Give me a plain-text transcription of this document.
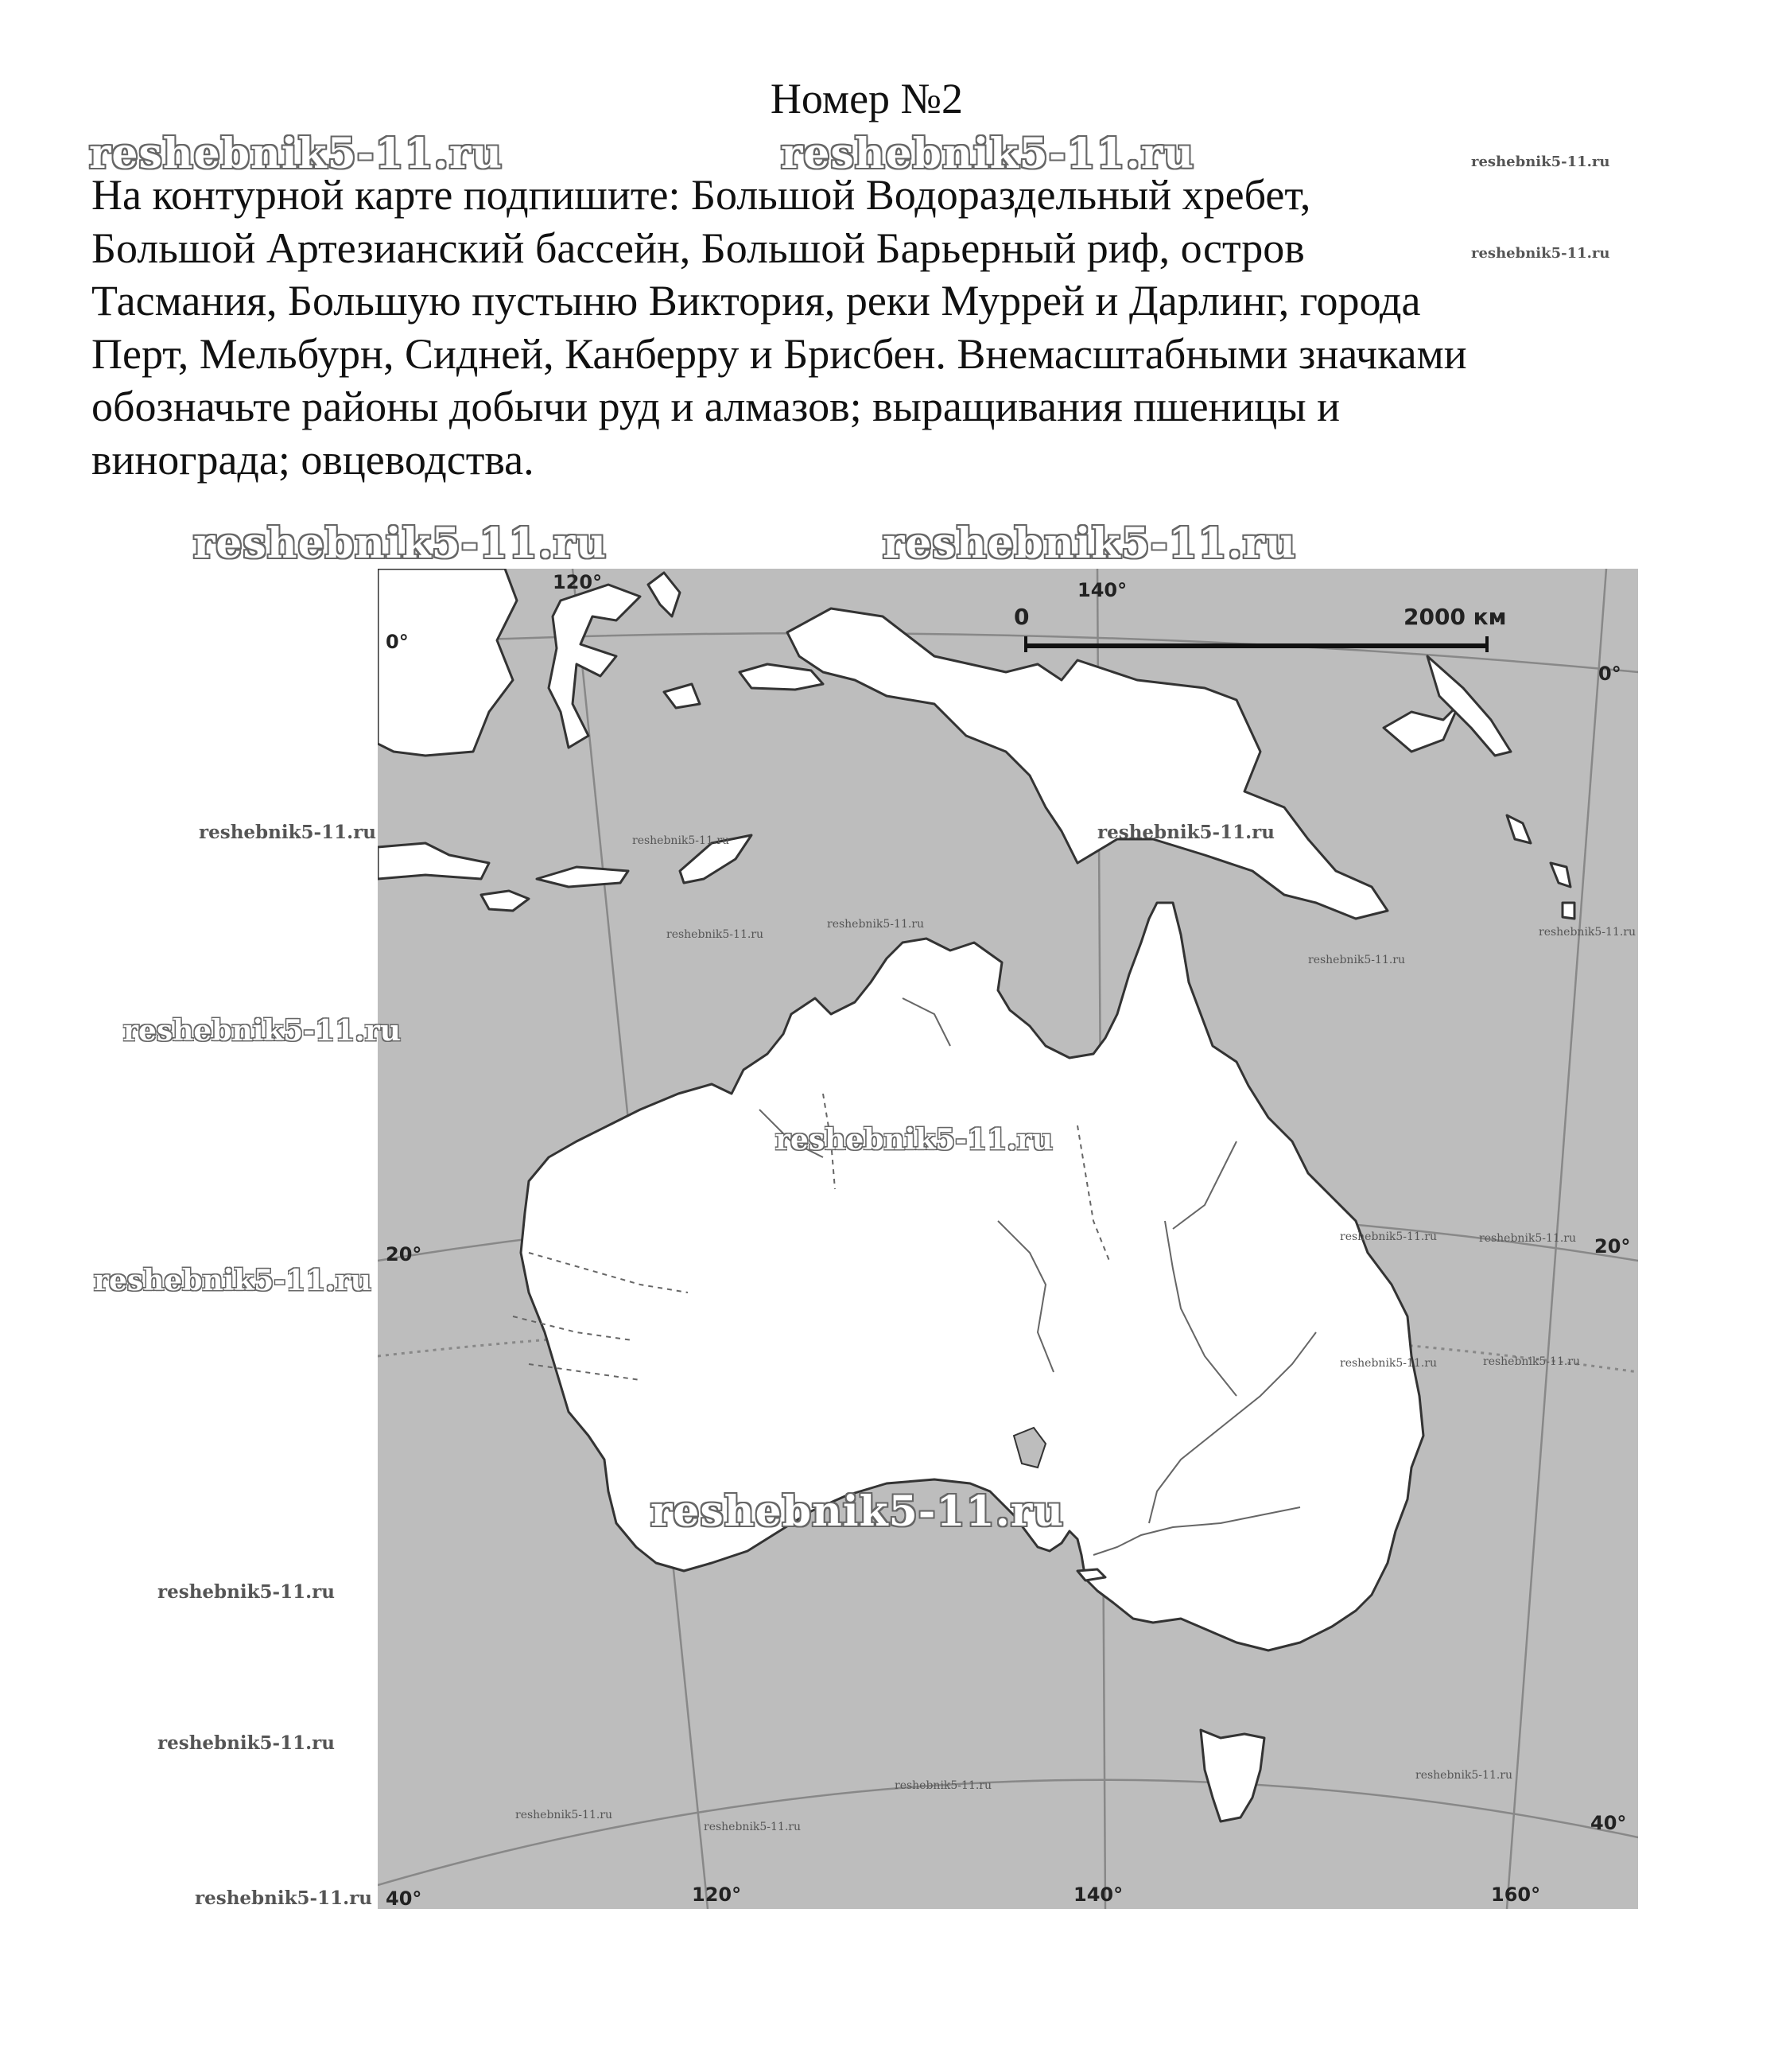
Номер №2
На контурной карте подпишите: Большой Водораздельный хребет,
Большой Артезианский бассейн, Большой Барьерный риф, остров
Тасмания, Большую пустыню Виктория, реки Муррей и Дарлинг, города
Перт, Мельбурн, Сидней, Канберру и Брисбен. Внемасштабными значками
обозначьте районы добычи руд и алмазов; выращивания пшеницы и
винограда; овцеводства.
0	2000 км
120°	140°
120°	140°	160°
0°
20°
40°
0°
20°
40°
reshebnik5-11.ru	reshebnik5-11.ru	reshebnik5-11.ru
reshebnik5-11.ru
reshebnik5-11.ru	reshebnik5-11.ru
reshebnik5-11.ru	reshebnik5-11.ru
reshebnik5-11.ru
reshebnik5-11.ru
reshebnik5-11.ru
reshebnik5-11.ru
reshebnik5-11.ru
reshebnik5-11.ru
reshebnik5-11.ru
reshebnik5-11.ru
reshebnik5-11.ru
reshebnik5-11.ru
reshebnik5-11.ru
reshebnik5-11.ru
reshebnik5-11.ru
reshebnik5-11.ru
reshebnik5-11.ru
reshebnik5-11.ru
reshebnik5-11.ru
reshebnik5-11.ru
reshebnik5-11.ru
reshebnik5-11.ru
